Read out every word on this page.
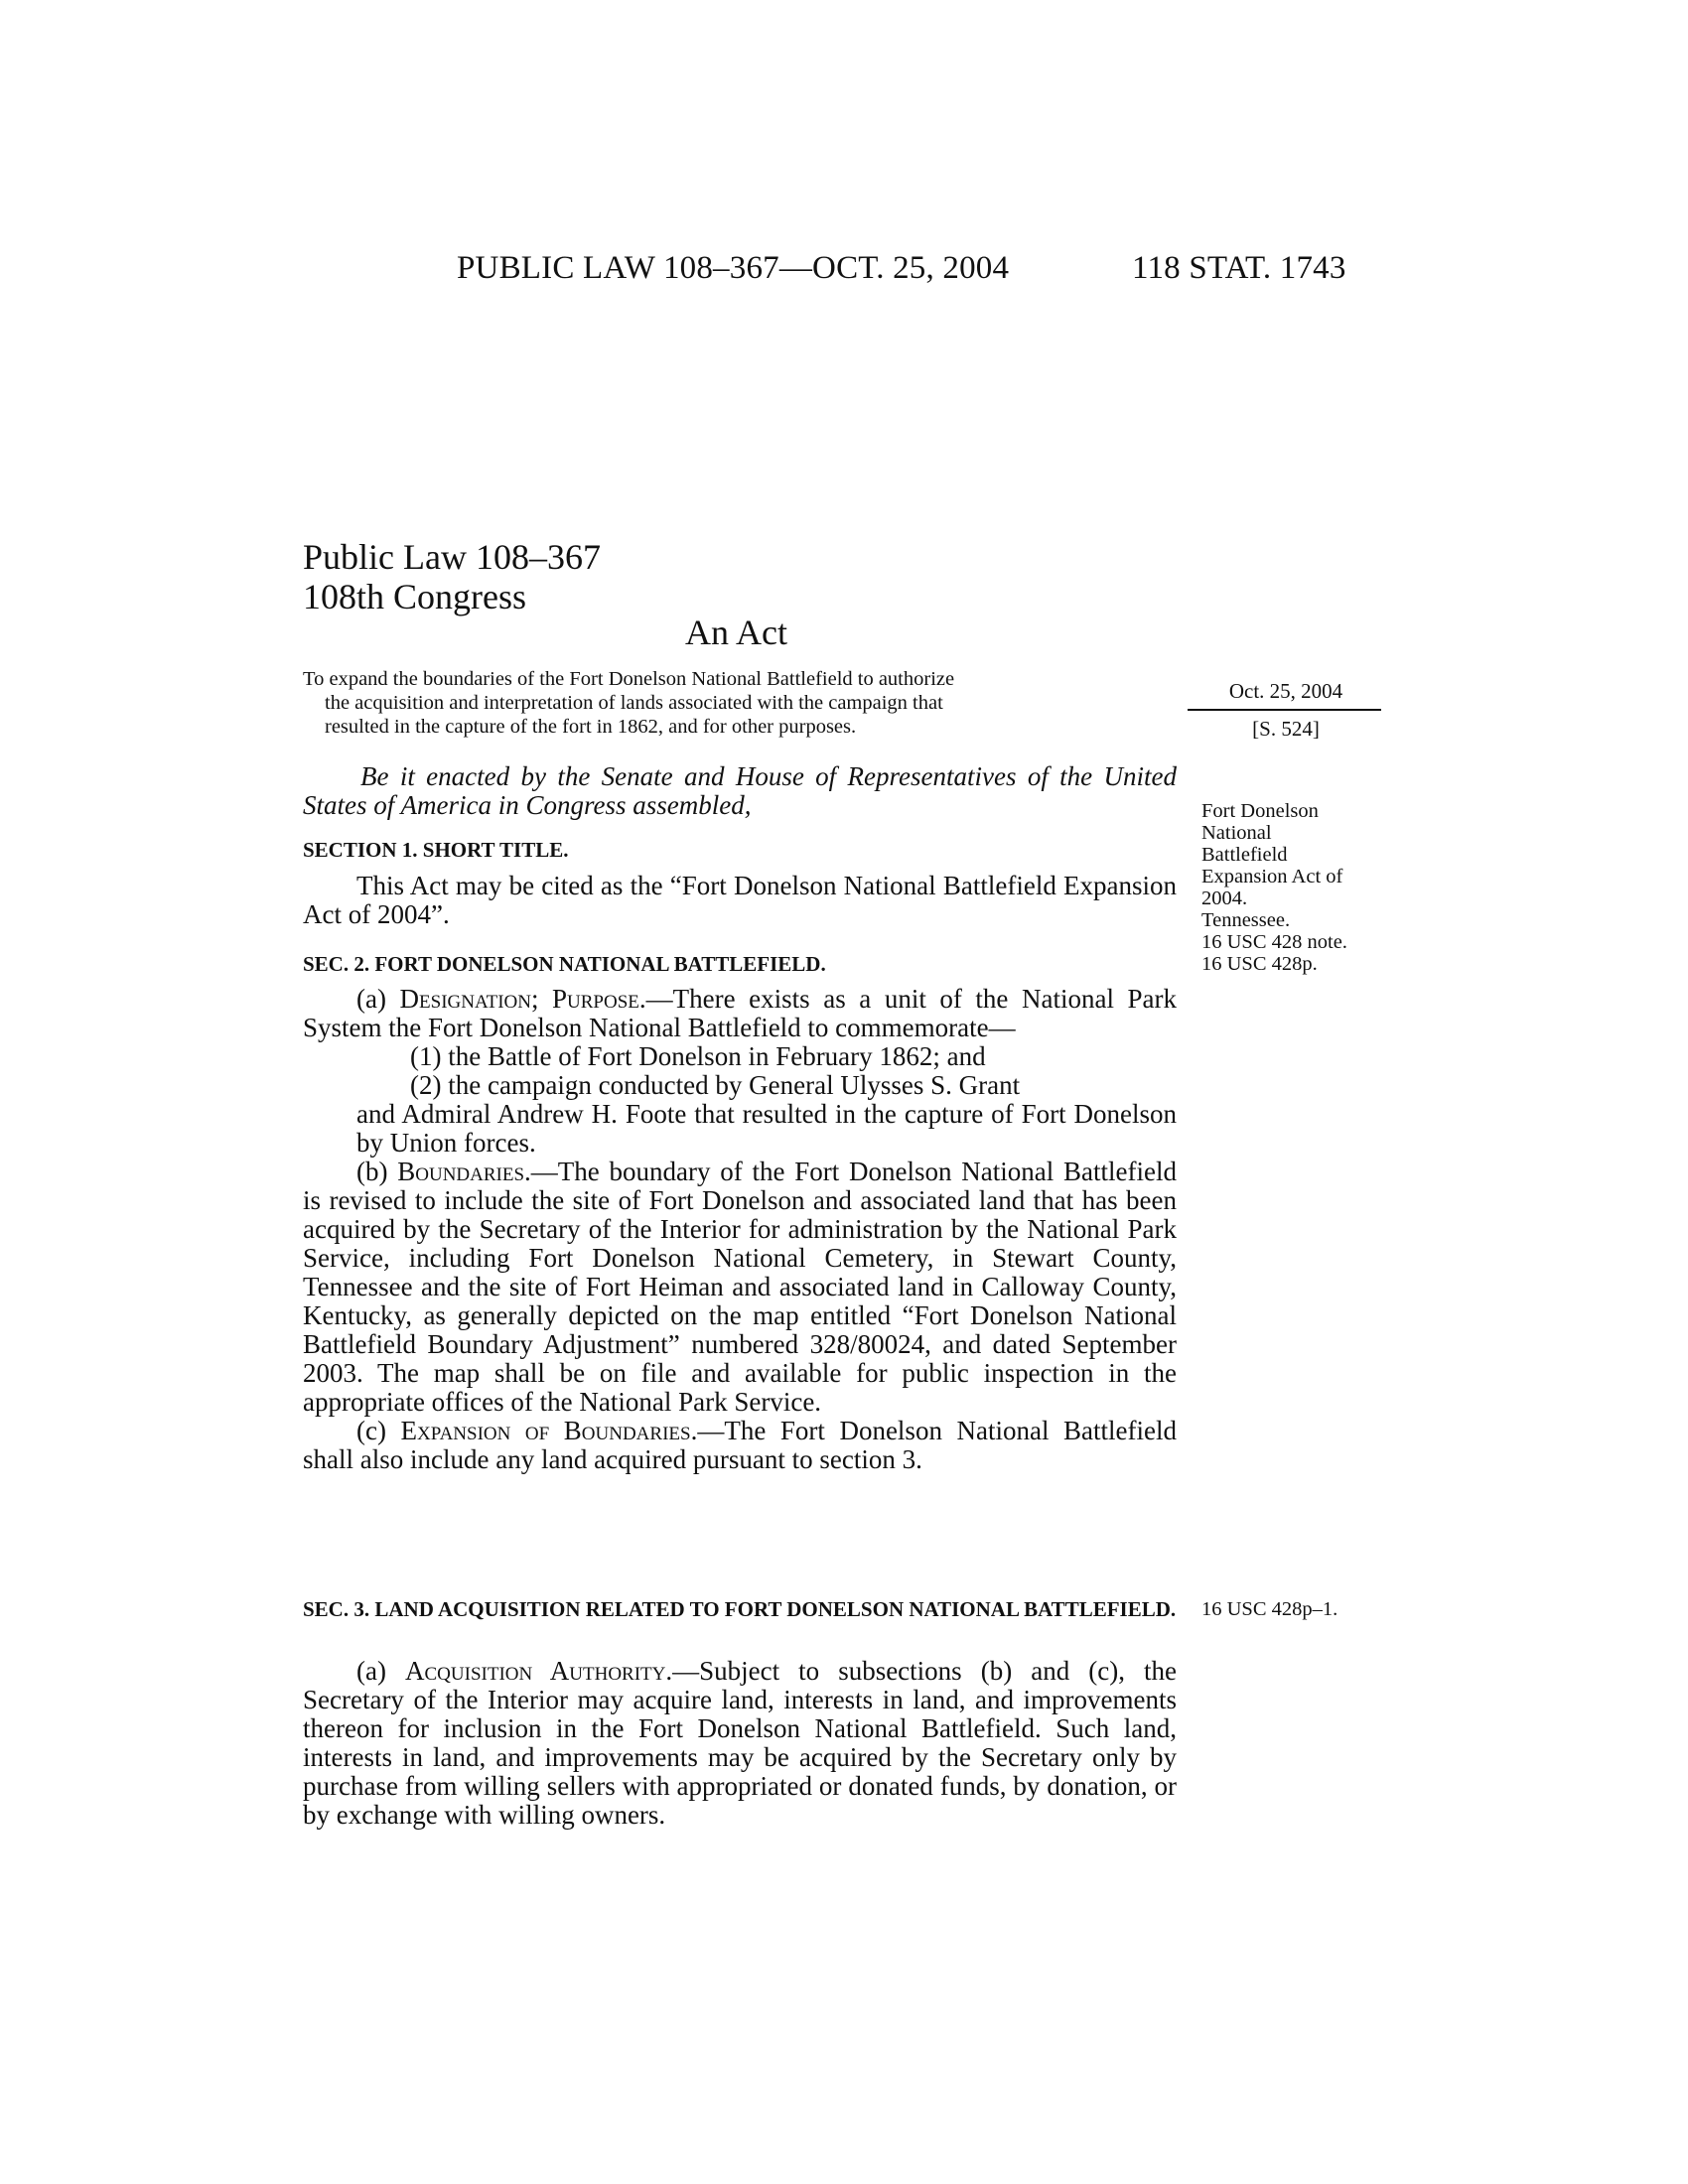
PUBLIC LAW 108–367—OCT. 25, 2004	118 STAT. 1743
Public Law 108–367
108th Congress
An Act
To expand the boundaries of the Fort Donelson National Battlefield to authorize
the acquisition and interpretation of lands associated with the campaign that
resulted in the capture of the fort in 1862, and for other purposes.
Oct. 25, 2004
[S. 524]
Be it enacted by the Senate and House of Representatives of the United States of America in Congress assembled,	Fort Donelson
National
Battlefield
Expansion Act of
2004.
Tennessee.
16 USC 428 note.
16 USC 428p.
SECTION 1. SHORT TITLE.
This Act may be cited as the “Fort Donelson National Battlefield Expansion Act of 2004”.
SEC. 2. FORT DONELSON NATIONAL BATTLEFIELD.
(a) Designation; Purpose.—There exists as a unit of the National Park System the Fort Donelson National Battlefield to commemorate—
(1) the Battle of Fort Donelson in February 1862; and
(2) the campaign conducted by General Ulysses S. Grant
and Admiral Andrew H. Foote that resulted in the capture of Fort Donelson by Union forces.
(b) Boundaries.—The boundary of the Fort Donelson National Battlefield is revised to include the site of Fort Donelson and associated land that has been acquired by the Secretary of the Interior for administration by the National Park Service, including Fort Donelson National Cemetery, in Stewart County, Tennessee and the site of Fort Heiman and associated land in Calloway County, Kentucky, as generally depicted on the map entitled “Fort Donelson National Battlefield Boundary Adjustment” numbered 328/80024, and dated September 2003. The map shall be on file and available for public inspection in the appropriate offices of the National Park Service.
(c) Expansion of Boundaries.—The Fort Donelson National Battlefield shall also include any land acquired pursuant to section 3.
SEC. 3. LAND ACQUISITION RELATED TO FORT DONELSON NATIONAL BATTLEFIELD.	16 USC 428p–1.
(a) Acquisition Authority.—Subject to subsections (b) and (c), the Secretary of the Interior may acquire land, interests in land, and improvements thereon for inclusion in the Fort Donelson National Battlefield. Such land, interests in land, and improvements may be acquired by the Secretary only by purchase from willing sellers with appropriated or donated funds, by donation, or by exchange with willing owners.
